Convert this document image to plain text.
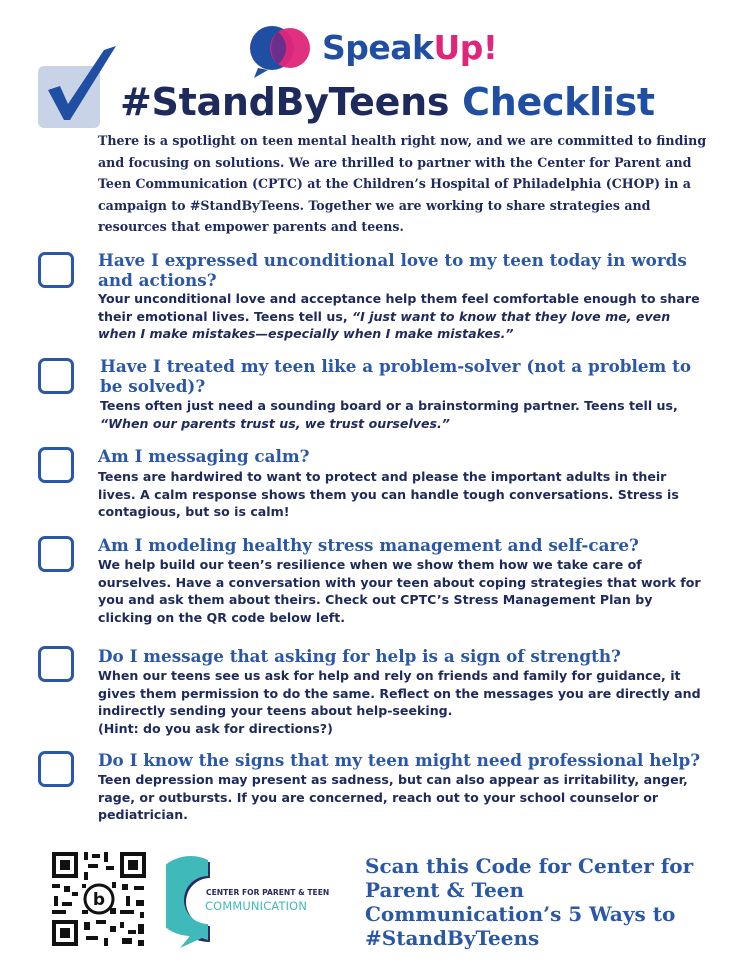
SpeakUp!
#StandByTeens Checklist
There is a spotlight on teen mental health right now, and we are committed to finding and focusing on solutions. We are thrilled to partner with the Center for Parent and Teen Communication (CPTC) at the Children’s Hospital of Philadelphia (CHOP) in a campaign to #StandByTeens. Together we are working to share strategies and resources that empower parents and teens.
Have I expressed unconditional love to my teen today in words and actions?
Your unconditional love and acceptance help them feel comfortable enough to share their emotional lives. Teens tell us, “I just want to know that they love me, even when I make mistakes—especially when I make mistakes.”
Have I treated my teen like a problem-solver (not a problem to be solved)?
Teens often just need a sounding board or a brainstorming partner. Teens tell us, “When our parents trust us, we trust ourselves.”
Am I messaging calm?
Teens are hardwired to want to protect and please the important adults in their lives. A calm response shows them you can handle tough conversations. Stress is contagious, but so is calm!
Am I modeling healthy stress management and self-care?
We help build our teen’s resilience when we show them how we take care of ourselves. Have a conversation with your teen about coping strategies that work for you and ask them about theirs. Check out CPTC’s Stress Management Plan by clicking on the QR code below left.
Do I message that asking for help is a sign of strength?
When our teens see us ask for help and rely on friends and family for guidance, it gives them permission to do the same. Reflect on the messages you are directly and indirectly sending your teens about help-seeking.
(Hint: do you ask for directions?)
Do I know the signs that my teen might need professional help?
Teen depression may present as sadness, but can also appear as irritability, anger, rage, or outbursts. If you are concerned, reach out to your school counselor or pediatrician.
b	CENTER FOR PARENT & TEEN
COMMUNICATION
Scan this Code for Center for Parent & Teen Communication’s 5 Ways to #StandByTeens
